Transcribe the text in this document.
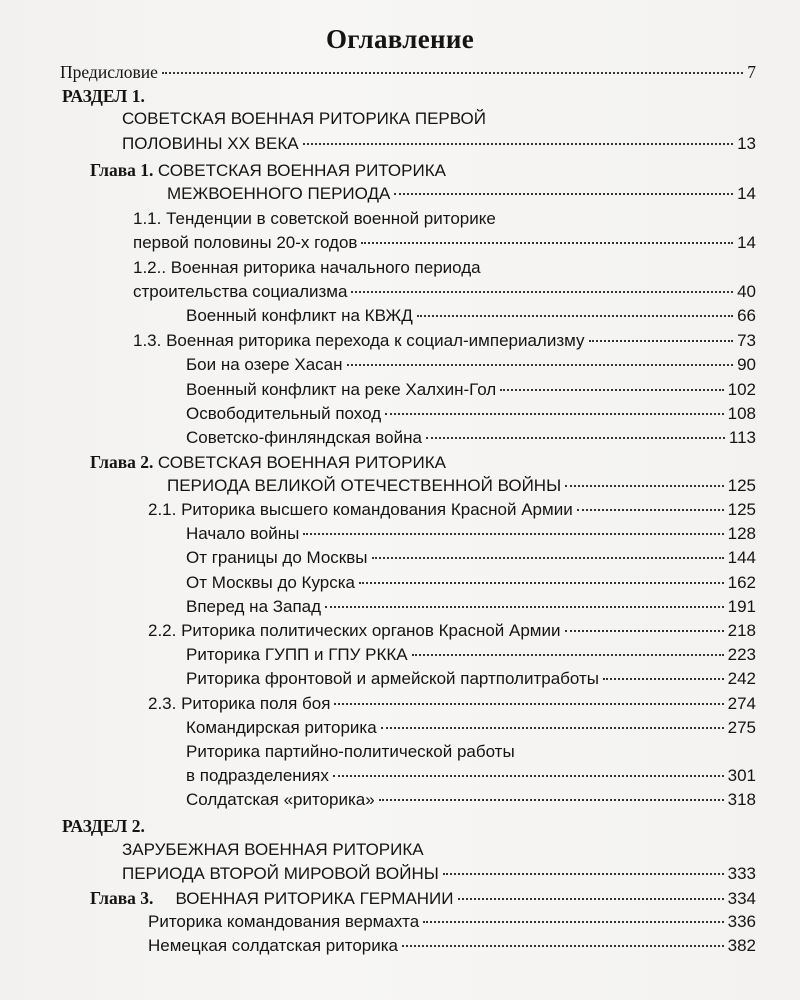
Оглавление
Предисловие	7
РАЗДЕЛ 1.
СОВЕТСКАЯ ВОЕННАЯ РИТОРИКА ПЕРВОЙ
ПОЛОВИНЫ XX ВЕКА	13
Глава 1. СОВЕТСКАЯ ВОЕННАЯ РИТОРИКА
МЕЖВОЕННОГО ПЕРИОДА	14
1.1. Тенденции в советской военной риторике
первой половины 20-х годов	14
1.2.. Военная риторика начального периода
строительства социализма	40
Военный конфликт на КВЖД	66
1.3. Военная риторика перехода к социал-империализму	73
Бои на озере Хасан	90
Военный конфликт на реке Халхин-Гол	102
Освободительный поход	108
Советско-финляндская война	113
Глава 2. СОВЕТСКАЯ ВОЕННАЯ РИТОРИКА
ПЕРИОДА ВЕЛИКОЙ ОТЕЧЕСТВЕННОЙ ВОЙНЫ	125
2.1. Риторика высшего командования Красной Армии	125
Начало войны	128
От границы до Москвы	144
От Москвы до Курска	162
Вперед на Запад	191
2.2. Риторика политических органов Красной Армии	218
Риторика ГУПП и ГПУ РККА	223
Риторика фронтовой и армейской партполитработы	242
2.3. Риторика поля боя	274
Командирская риторика	275
Риторика партийно-политической работы
в подразделениях	301
Солдатская «риторика»	318
РАЗДЕЛ 2.
ЗАРУБЕЖНАЯ ВОЕННАЯ РИТОРИКА
ПЕРИОДА ВТОРОЙ МИРОВОЙ ВОЙНЫ	333
Глава 3. ВОЕННАЯ РИТОРИКА ГЕРМАНИИ	334
Риторика командования вермахта	336
Немецкая солдатская риторика	382
